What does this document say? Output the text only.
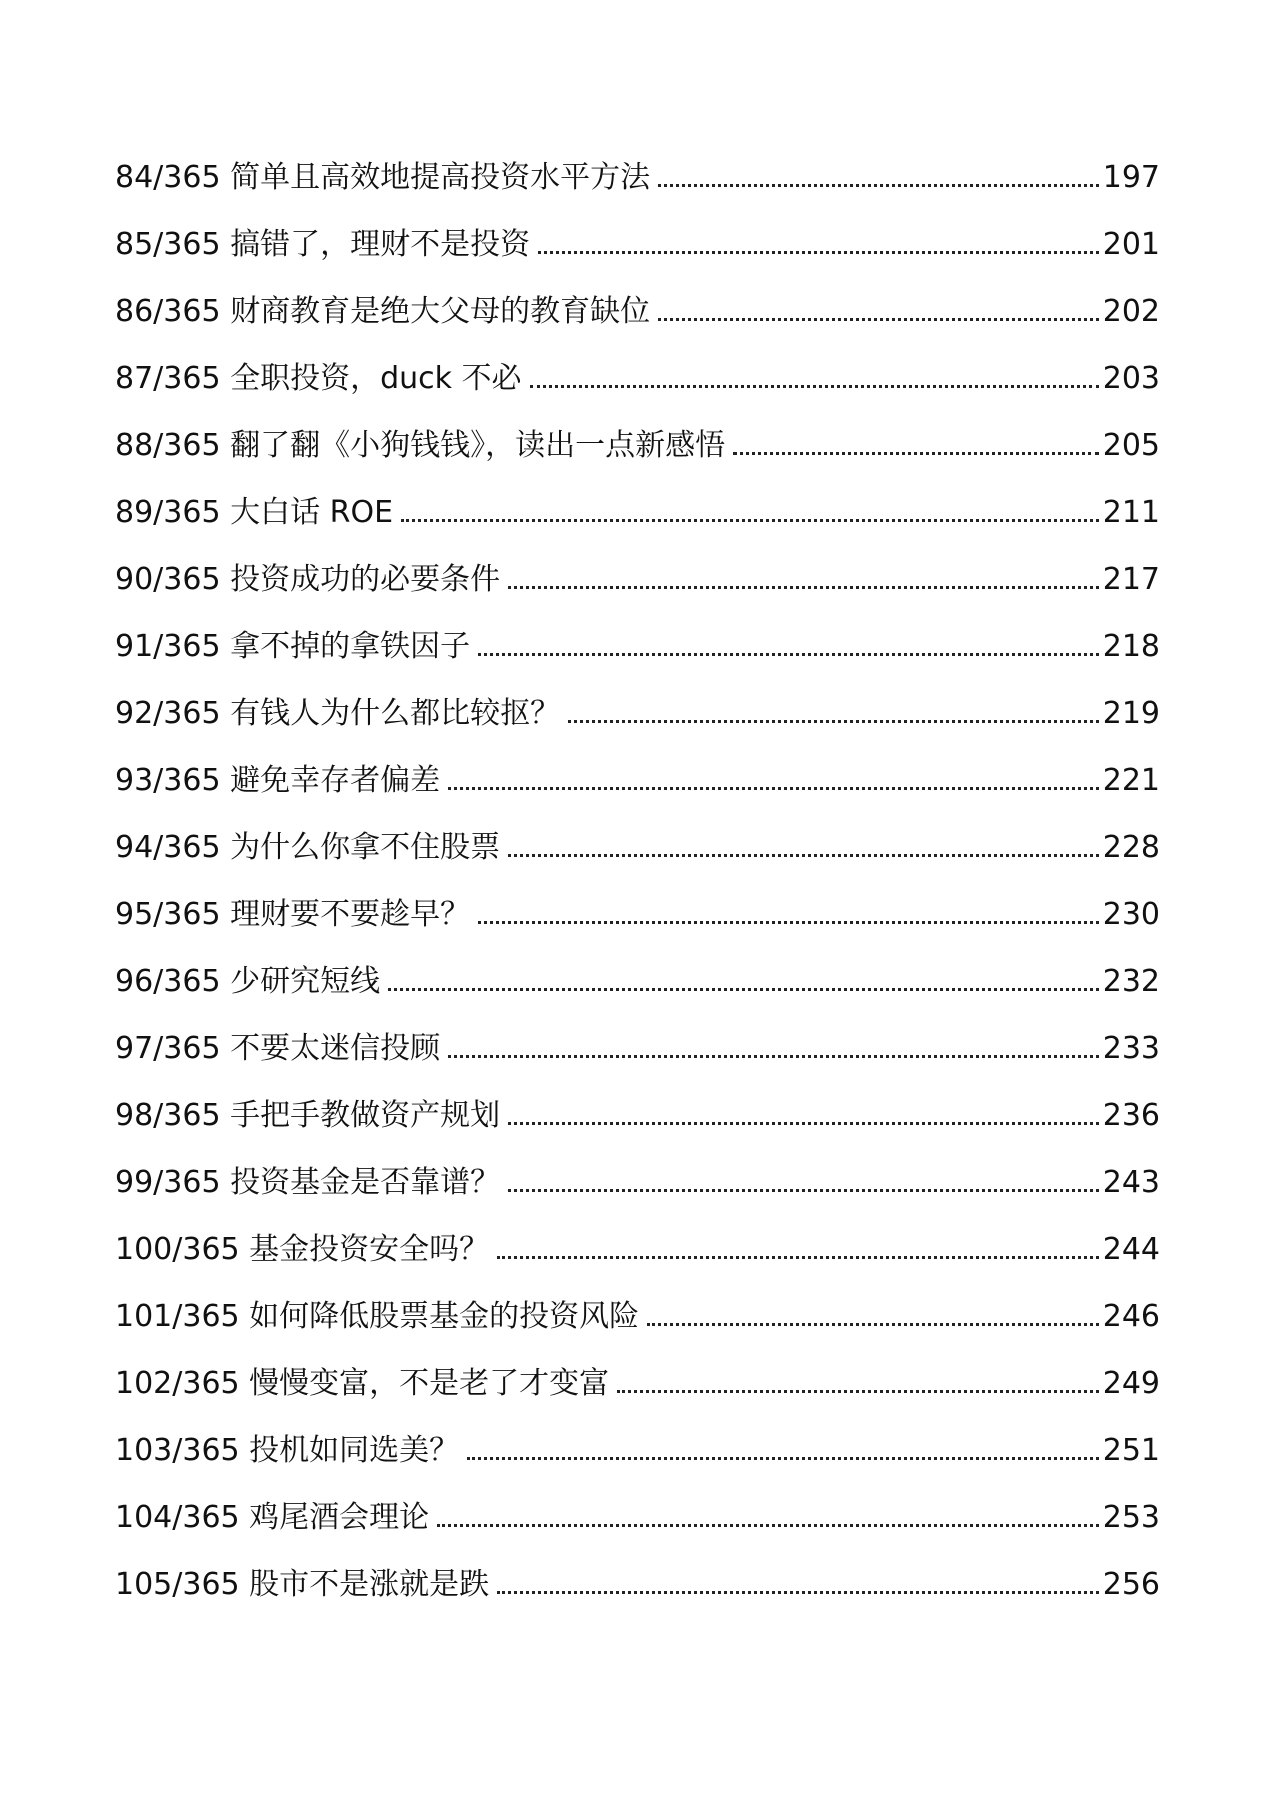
84/365 简单且高效地提高投资水平方法	197
85/365 搞错了，理财不是投资	201
86/365 财商教育是绝大父母的教育缺位	202
87/365 全职投资，duck 不必	203
88/365 翻了翻《小狗钱钱》，读出一点新感悟	205
89/365 大白话 ROE	211
90/365 投资成功的必要条件	217
91/365 拿不掉的拿铁因子	218
92/365 有钱人为什么都比较抠？	219
93/365 避免幸存者偏差	221
94/365 为什么你拿不住股票	228
95/365 理财要不要趁早？	230
96/365 少研究短线	232
97/365 不要太迷信投顾	233
98/365 手把手教做资产规划	236
99/365 投资基金是否靠谱？	243
100/365 基金投资安全吗？	244
101/365 如何降低股票基金的投资风险	246
102/365 慢慢变富，不是老了才变富	249
103/365 投机如同选美？	251
104/365 鸡尾酒会理论	253
105/365 股市不是涨就是跌	256
